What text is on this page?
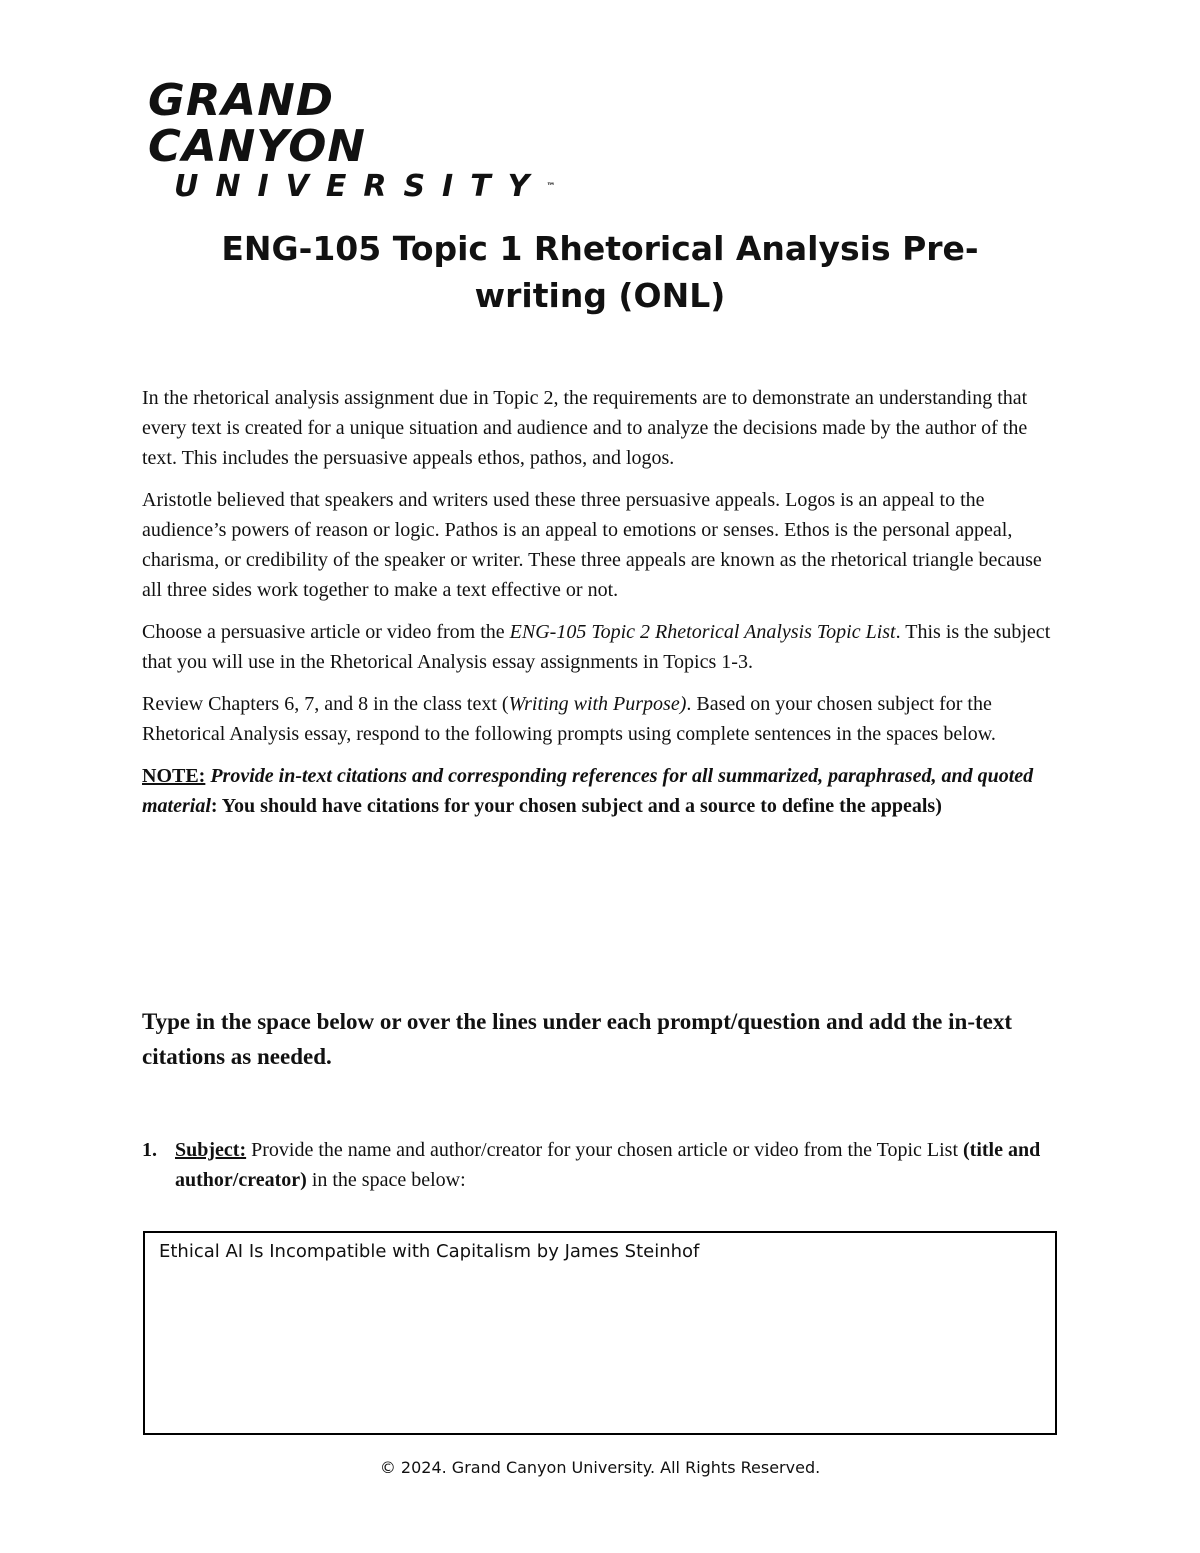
GRAND CANYON
UNIVERSITY™
ENG-105 Topic 1 Rhetorical Analysis Pre-
writing (ONL)

In the rhetorical analysis assignment due in Topic 2, the requirements are to demonstrate an understanding that every text is created for a unique situation and audience and to analyze the decisions made by the author of the text. This includes the persuasive appeals ethos, pathos, and logos.

Aristotle believed that speakers and writers used these three persuasive appeals. Logos is an appeal to the audience’s powers of reason or logic. Pathos is an appeal to emotions or senses. Ethos is the personal appeal, charisma, or credibility of the speaker or writer. These three appeals are known as the rhetorical triangle because all three sides work together to make a text effective or not.

Choose a persuasive article or video from the ENG-105 Topic 2 Rhetorical Analysis Topic List. This is the subject that you will use in the Rhetorical Analysis essay assignments in Topics 1-3.

Review Chapters 6, 7, and 8 in the class text (Writing with Purpose). Based on your chosen subject for the Rhetorical Analysis essay, respond to the following prompts using complete sentences in the spaces below.

NOTE: Provide in-text citations and corresponding references for all summarized, paraphrased, and quoted material: You should have citations for your chosen subject and a source to define the appeals)

Type in the space below or over the lines under each prompt/question and add the in-text citations as needed.
1. Subject: Provide the name and author/creator for your chosen article or video from the Topic List (title and author/creator) in the space below:
Ethical AI Is Incompatible with Capitalism by James Steinhof
© 2024. Grand Canyon University. All Rights Reserved.
